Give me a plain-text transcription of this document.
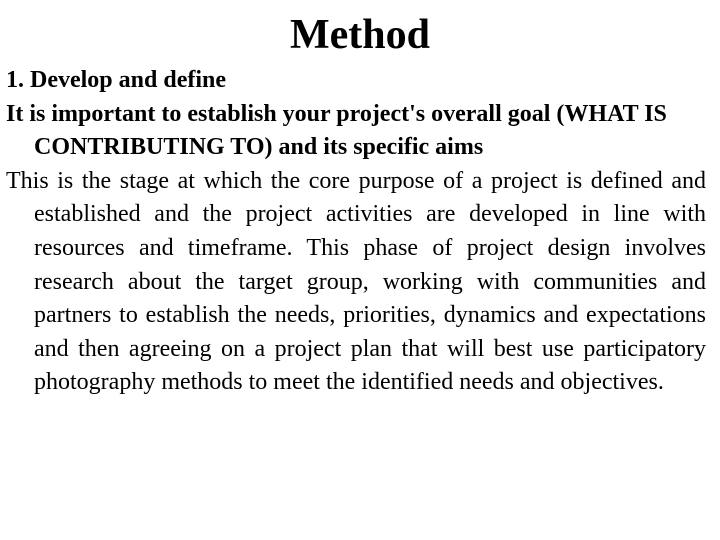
Method

1. Develop and define

It is important to establish your project's overall goal (WHAT IS CONTRIBUTING TO) and its specific aims

This is the stage at which the core purpose of a project is defined and established and the project activities are developed in line with resources and timeframe. This phase of project design involves research about the target group, working with communities and partners to establish the needs, priorities, dynamics and expectations and then agreeing on a project plan that will best use participatory photography methods to meet the identified needs and objectives.
